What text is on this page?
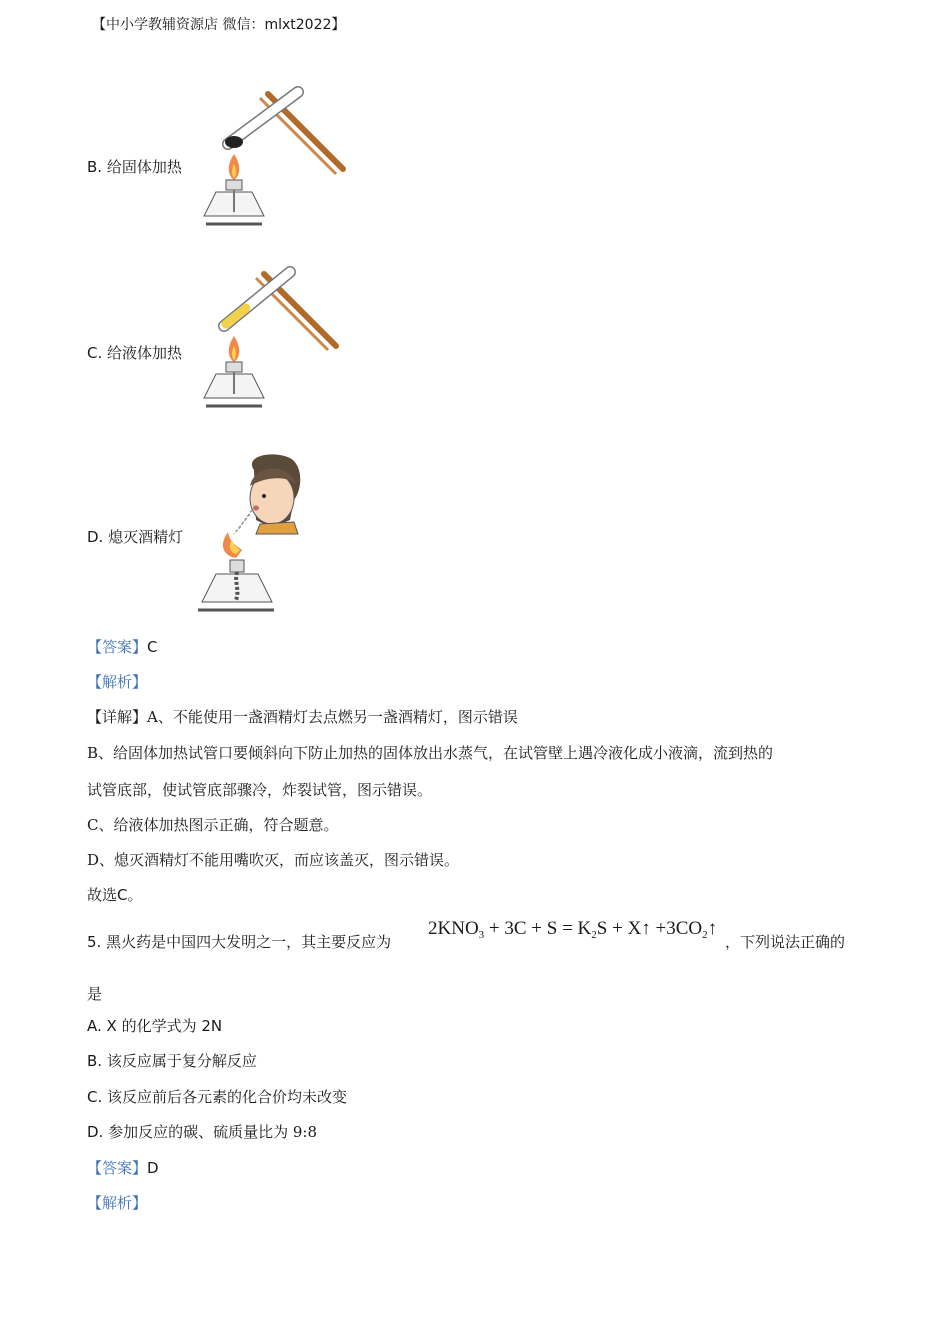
【中小学教辅资源店 微信：mlxt2022】
B. 给固体加热
C. 给液体加热
D. 熄灭酒精灯
【答案】C
【解析】
【详解】A、不能使用一盏酒精灯去点燃另一盏酒精灯，图示错误
B、给固体加热试管口要倾斜向下防止加热的固体放出水蒸气，在试管壁上遇冷液化成小液滴，流到热的
试管底部，使试管底部骤冷，炸裂试管，图示错误。
C、给液体加热图示正确，符合题意。
D、熄灭酒精灯不能用嘴吹灭，而应该盖灭，图示错误。
故选C。
5. 黑火药是中国四大发明之一，其主要反应为
$2KNO_3 + 3C + S = K_2S$ + X↑ $+3CO_2↑$
，下列说法正确的
是
A. X 的化学式为 2N
B. 该反应属于复分解反应
C. 该反应前后各元素的化合价均未改变
D. 参加反应的碳、硫质量比为 9:8
【答案】D
【解析】
